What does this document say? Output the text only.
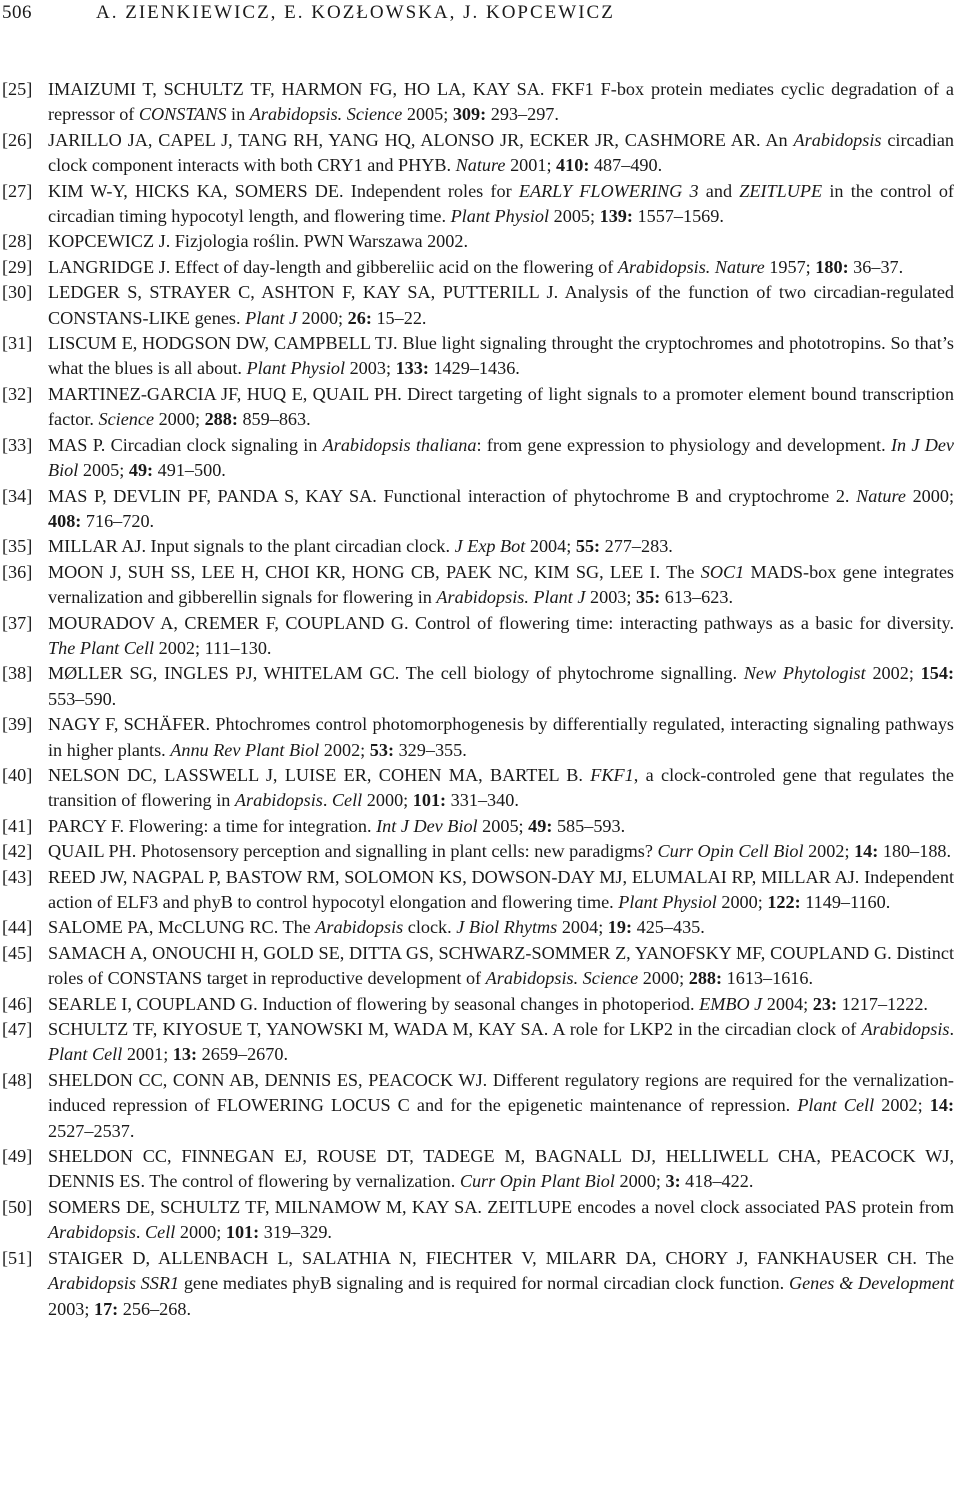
506	A. ZIENKIEWICZ, E. KOZŁOWSKA, J. KOPCEWICZ
[25] IMAIZUMI T, SCHULTZ TF, HARMON FG, HO LA, KAY SA. FKF1 F-box protein mediates cyclic degradation of a repressor of CONSTANS in Arabidopsis. Science 2005; 309: 293–297.
[26] JARILLO JA, CAPEL J, TANG RH, YANG HQ, ALONSO JR, ECKER JR, CASHMORE AR. An Arabidopsis circadian clock component interacts with both CRY1 and PHYB. Nature 2001; 410: 487–490.
[27] KIM W-Y, HICKS KA, SOMERS DE. Independent roles for EARLY FLOWERING 3 and ZEITLUPE in the control of circadian timing hypocotyl length, and flowering time. Plant Physiol 2005; 139: 1557–1569.
[28] KOPCEWICZ J. Fizjologia roślin. PWN Warszawa 2002.
[29] LANGRIDGE J. Effect of day-length and gibbereliic acid on the flowering of Arabidopsis. Nature 1957; 180: 36–37.
[30] LEDGER S, STRAYER C, ASHTON F, KAY SA, PUTTERILL J. Analysis of the function of two circadian-regulated CONSTANS-LIKE genes. Plant J 2000; 26: 15–22.
[31] LISCUM E, HODGSON DW, CAMPBELL TJ. Blue light signaling throught the cryptochromes and phototropins. So that’s what the blues is all about. Plant Physiol 2003; 133: 1429–1436.
[32] MARTINEZ-GARCIA JF, HUQ E, QUAIL PH. Direct targeting of light signals to a promoter element bound transcription factor. Science 2000; 288: 859–863.
[33] MAS P. Circadian clock signaling in Arabidopsis thaliana: from gene expression to physiology and development. In J Dev Biol 2005; 49: 491–500.
[34] MAS P, DEVLIN PF, PANDA S, KAY SA. Functional interaction of phytochrome B and cryptochrome 2. Nature 2000; 408: 716–720.
[35] MILLAR AJ. Input signals to the plant circadian clock. J Exp Bot 2004; 55: 277–283.
[36] MOON J, SUH SS, LEE H, CHOI KR, HONG CB, PAEK NC, KIM SG, LEE I. The SOC1 MADS-box gene integrates vernalization and gibberellin signals for flowering in Arabidopsis. Plant J 2003; 35: 613–623.
[37] MOURADOV A, CREMER F, COUPLAND G. Control of flowering time: interacting pathways as a basic for diversity. The Plant Cell 2002; 111–130.
[38] MØLLER SG, INGLES PJ, WHITELAM GC. The cell biology of phytochrome signalling. New Phytologist 2002; 154: 553–590.
[39] NAGY F, SCHÄFER. Phtochromes control photomorphogenesis by differentially regulated, interacting signaling pathways in higher plants. Annu Rev Plant Biol 2002; 53: 329–355.
[40] NELSON DC, LASSWELL J, LUISE ER, COHEN MA, BARTEL B. FKF1, a clock-controled gene that regulates the transition of flowering in Arabidopsis. Cell 2000; 101: 331–340.
[41] PARCY F. Flowering: a time for integration. Int J Dev Biol 2005; 49: 585–593.
[42] QUAIL PH. Photosensory perception and signalling in plant cells: new paradigms? Curr Opin Cell Biol 2002; 14: 180–188.
[43] REED JW, NAGPAL P, BASTOW RM, SOLOMON KS, DOWSON-DAY MJ, ELUMALAI RP, MILLAR AJ. Independent action of ELF3 and phyB to control hypocotyl elongation and flowering time. Plant Physiol 2000; 122: 1149–1160.
[44] SALOME PA, McCLUNG RC. The Arabidopsis clock. J Biol Rhytms 2004; 19: 425–435.
[45] SAMACH A, ONOUCHI H, GOLD SE, DITTA GS, SCHWARZ-SOMMER Z, YANOFSKY MF, COUPLAND G. Distinct roles of CONSTANS target in reproductive development of Arabidopsis. Science 2000; 288: 1613–1616.
[46] SEARLE I, COUPLAND G. Induction of flowering by seasonal changes in photoperiod. EMBO J 2004; 23: 1217–1222.
[47] SCHULTZ TF, KIYOSUE T, YANOWSKI M, WADA M, KAY SA. A role for LKP2 in the circadian clock of Arabidopsis. Plant Cell 2001; 13: 2659–2670.
[48] SHELDON CC, CONN AB, DENNIS ES, PEACOCK WJ. Different regulatory regions are required for the vernalization-induced repression of FLOWERING LOCUS C and for the epigenetic maintenance of repression. Plant Cell 2002; 14: 2527–2537.
[49] SHELDON CC, FINNEGAN EJ, ROUSE DT, TADEGE M, BAGNALL DJ, HELLIWELL CHA, PEACOCK WJ, DENNIS ES. The control of flowering by vernalization. Curr Opin Plant Biol 2000; 3: 418–422.
[50] SOMERS DE, SCHULTZ TF, MILNAMOW M, KAY SA. ZEITLUPE encodes a novel clock associated PAS protein from Arabidopsis. Cell 2000; 101: 319–329.
[51] STAIGER D, ALLENBACH L, SALATHIA N, FIECHTER V, MILARR DA, CHORY J, FANKHAUSER CH. The Arabidopsis SSR1 gene mediates phyB signaling and is required for normal circadian clock function. Genes & Development 2003; 17: 256–268.
